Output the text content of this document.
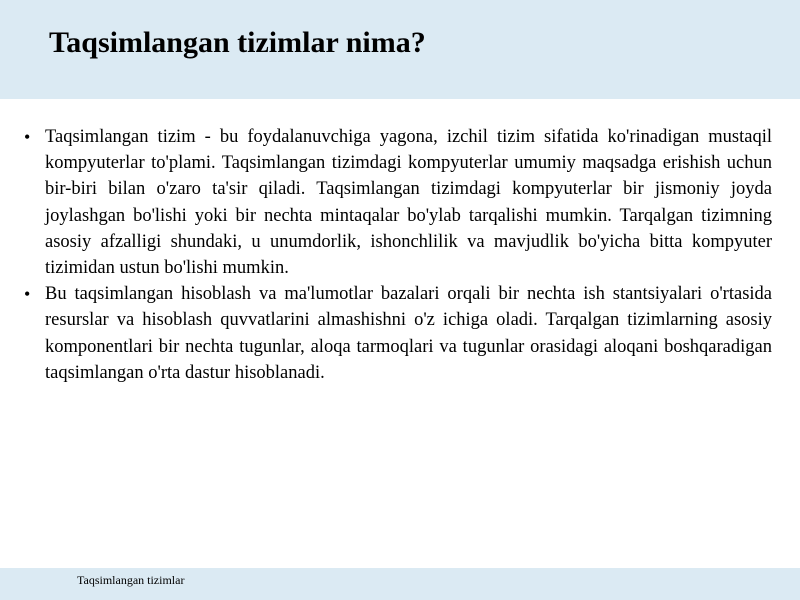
Taqsimlangan tizimlar nima?
• Taqsimlangan tizim - bu foydalanuvchiga yagona, izchil tizim sifatida ko'rinadigan mustaqil kompyuterlar to'plami. Taqsimlangan tizimdagi kompyuterlar umumiy maqsadga erishish uchun bir-biri bilan o'zaro ta'sir qiladi. Taqsimlangan tizimdagi kompyuterlar bir jismoniy joyda joylashgan bo'lishi yoki bir nechta mintaqalar bo'ylab tarqalishi mumkin. Tarqalgan tizimning asosiy afzalligi shundaki, u unumdorlik, ishonchlilik va mavjudlik bo'yicha bitta kompyuter tizimidan ustun bo'lishi mumkin.
• Bu taqsimlangan hisoblash va ma'lumotlar bazalari orqali bir nechta ish stantsiyalari o'rtasida resurslar va hisoblash quvvatlarini almashishni o'z ichiga oladi. Tarqalgan tizimlarning asosiy komponentlari bir nechta tugunlar, aloqa tarmoqlari va tugunlar orasidagi aloqani boshqaradigan taqsimlangan o'rta dastur hisoblanadi.
Taqsimlangan tizimlar
